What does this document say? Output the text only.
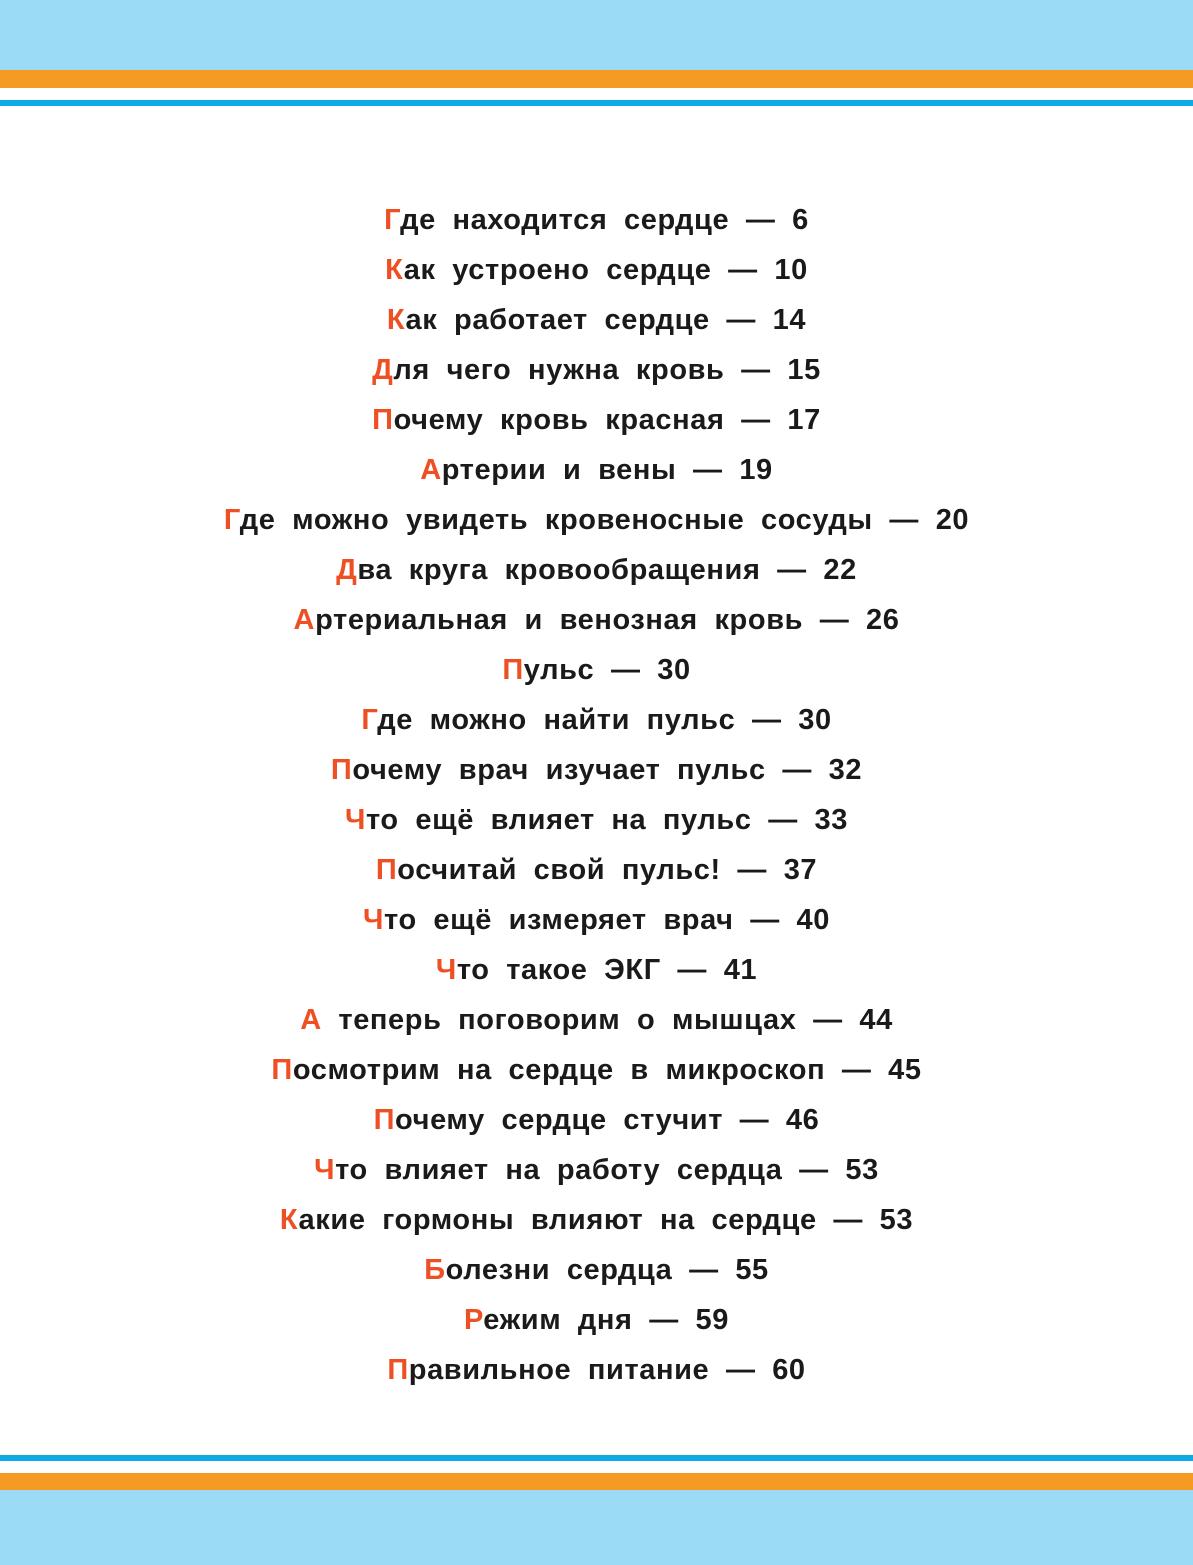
Где находится сердце — 6
Как устроено сердце — 10
Как работает сердце — 14
Для чего нужна кровь — 15
Почему кровь красная — 17
Артерии и вены — 19
Где можно увидеть кровеносные сосуды — 20
Два круга кровообращения — 22
Артериальная и венозная кровь — 26
Пульс — 30
Где можно найти пульс — 30
Почему врач изучает пульс — 32
Что ещё влияет на пульс — 33
Посчитай свой пульс! — 37
Что ещё измеряет врач — 40
Что такое ЭКГ — 41
А теперь поговорим о мышцах — 44
Посмотрим на сердце в микроскоп — 45
Почему сердце стучит — 46
Что влияет на работу сердца — 53
Какие гормоны влияют на сердце — 53
Болезни сердца — 55
Режим дня — 59
Правильное питание — 60
